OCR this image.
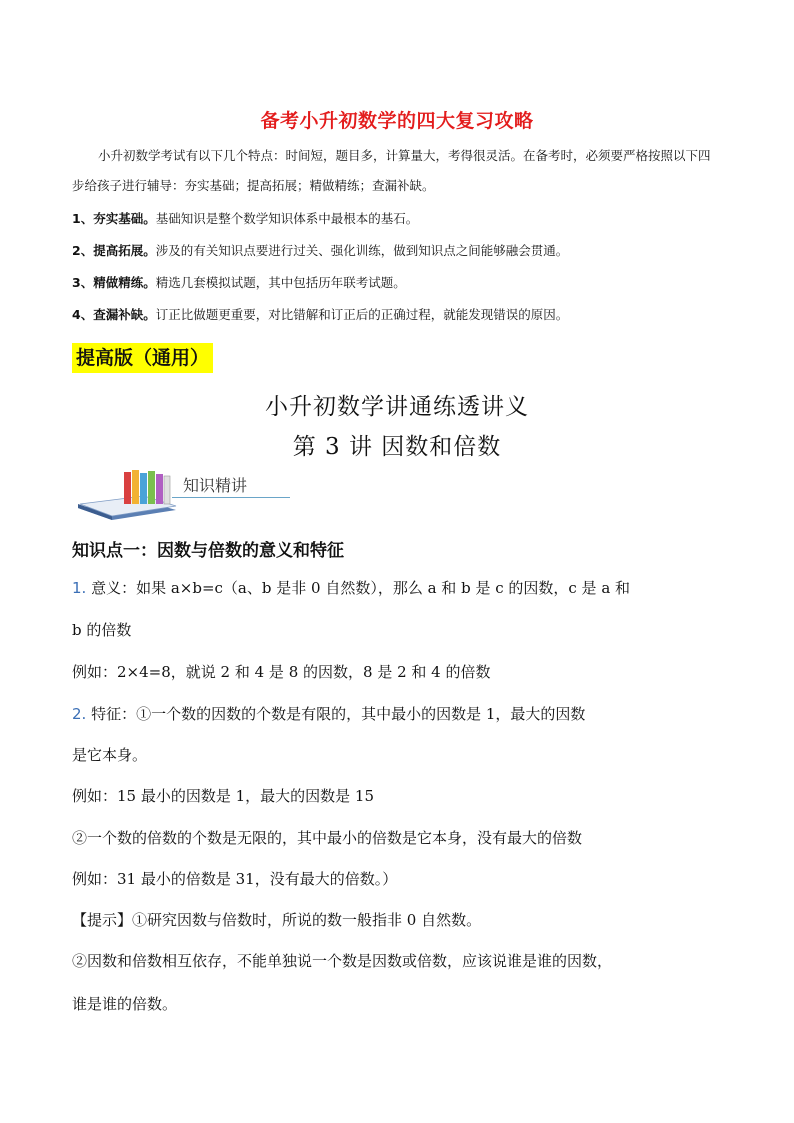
备考小升初数学的四大复习攻略
小升初数学考试有以下几个特点：时间短，题目多，计算量大，考得很灵活。在备考时，必须要严格按照以下四步给孩子进行辅导：夯实基础；提高拓展；精做精练；查漏补缺。
1、夯实基础。基础知识是整个数学知识体系中最根本的基石。
2、提高拓展。涉及的有关知识点要进行过关、强化训练，做到知识点之间能够融会贯通。
3、精做精练。精选几套模拟试题，其中包括历年联考试题。
4、查漏补缺。订正比做题更重要，对比错解和订正后的正确过程，就能发现错误的原因。
提高版（通用）
小升初数学讲通练透讲义
第 3 讲 因数和倍数
知识精讲
知识点一：因数与倍数的意义和特征
1. 意义：如果 a×b=c（a、b 是非 0 自然数），那么 a 和 b 是 c 的因数，c 是 a 和
b 的倍数
例如：2×4=8，就说 2 和 4 是 8 的因数，8 是 2 和 4 的倍数
2. 特征：①一个数的因数的个数是有限的，其中最小的因数是 1，最大的因数
是它本身。
例如：15 最小的因数是 1，最大的因数是 15
②一个数的倍数的个数是无限的，其中最小的倍数是它本身，没有最大的倍数
例如：31 最小的倍数是 31，没有最大的倍数。）
【提示】①研究因数与倍数时，所说的数一般指非 0 自然数。
②因数和倍数相互依存，不能单独说一个数是因数或倍数，应该说谁是谁的因数，
谁是谁的倍数。
